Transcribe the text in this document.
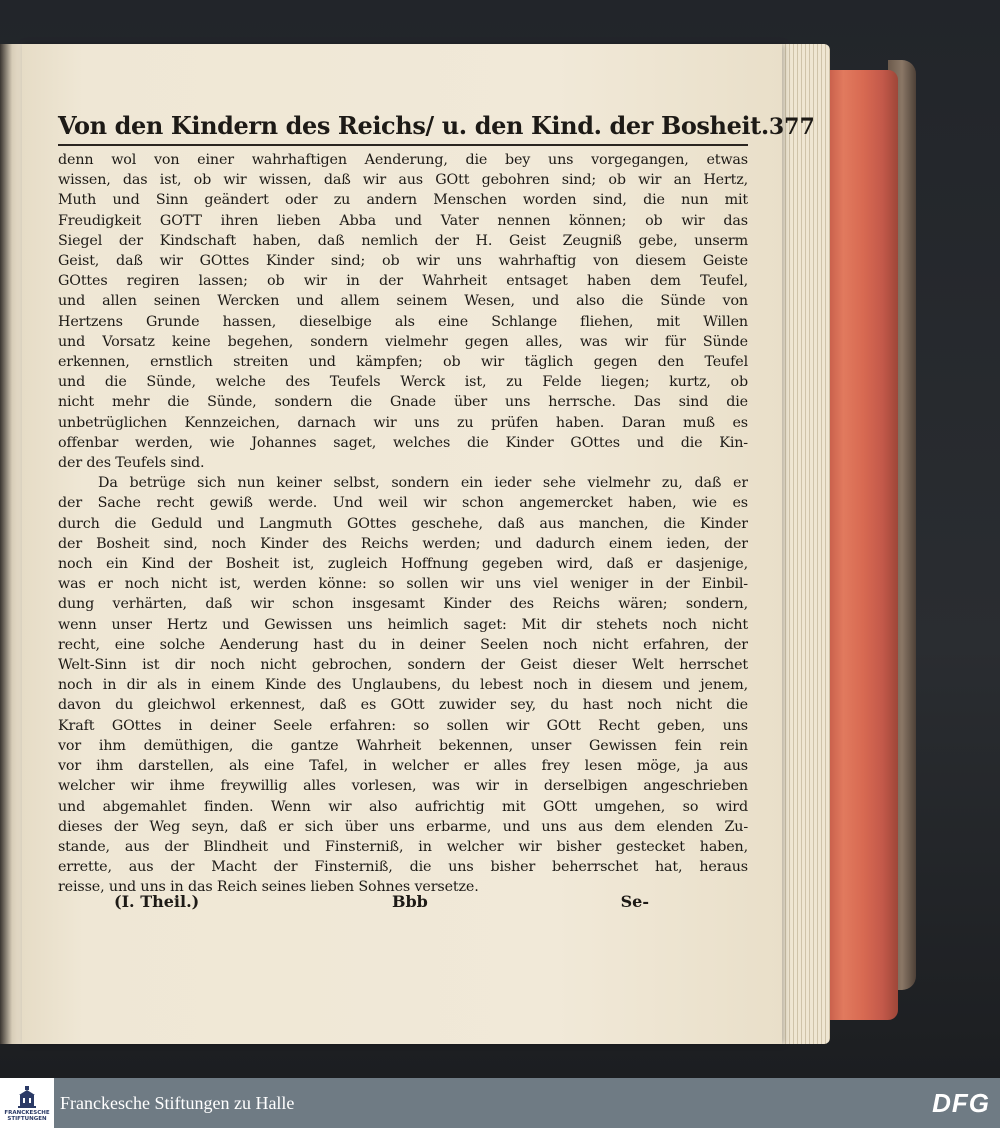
Von den Kindern des Reichs/ u. den Kind. der Bosheit. 377
denn wol von einer wahrhaftigen Aenderung, die bey uns vorgegangen, etwas
wissen, das ist, ob wir wissen, daß wir aus GOtt gebohren sind; ob wir an Hertz,
Muth und Sinn geändert oder zu andern Menschen worden sind, die nun mit
Freudigkeit GOTT ihren lieben Abba und Vater nennen können; ob wir das
Siegel der Kindschaft haben, daß nemlich der H. Geist Zeugniß gebe, unserm
Geist, daß wir GOttes Kinder sind; ob wir uns wahrhaftig von diesem Geiste
GOttes regiren lassen; ob wir in der Wahrheit entsaget haben dem Teufel,
und allen seinen Wercken und allem seinem Wesen, und also die Sünde von
Hertzens Grunde hassen, dieselbige als eine Schlange fliehen, mit Willen
und Vorsatz keine begehen, sondern vielmehr gegen alles, was wir für Sünde
erkennen, ernstlich streiten und kämpfen; ob wir täglich gegen den Teufel
und die Sünde, welche des Teufels Werck ist, zu Felde liegen; kurtz, ob
nicht mehr die Sünde, sondern die Gnade über uns herrsche. Das sind die
unbetrüglichen Kennzeichen, darnach wir uns zu prüfen haben. Daran muß es
offenbar werden, wie Johannes saget, welches die Kinder GOttes und die Kin-
der des Teufels sind.
Da betrüge sich nun keiner selbst, sondern ein ieder sehe vielmehr zu, daß er
der Sache recht gewiß werde. Und weil wir schon angemercket haben, wie es
durch die Geduld und Langmuth GOttes geschehe, daß aus manchen, die Kinder
der Bosheit sind, noch Kinder des Reichs werden; und dadurch einem ieden, der
noch ein Kind der Bosheit ist, zugleich Hoffnung gegeben wird, daß er dasjenige,
was er noch nicht ist, werden könne: so sollen wir uns viel weniger in der Einbil-
dung verhärten, daß wir schon insgesamt Kinder des Reichs wären; sondern,
wenn unser Hertz und Gewissen uns heimlich saget: Mit dir stehets noch nicht
recht, eine solche Aenderung hast du in deiner Seelen noch nicht erfahren, der
Welt-Sinn ist dir noch nicht gebrochen, sondern der Geist dieser Welt herrschet
noch in dir als in einem Kinde des Unglaubens, du lebest noch in diesem und jenem,
davon du gleichwol erkennest, daß es GOtt zuwider sey, du hast noch nicht die
Kraft GOttes in deiner Seele erfahren: so sollen wir GOtt Recht geben, uns
vor ihm demüthigen, die gantze Wahrheit bekennen, unser Gewissen fein rein
vor ihm darstellen, als eine Tafel, in welcher er alles frey lesen möge, ja aus
welcher wir ihme freywillig alles vorlesen, was wir in derselbigen angeschrieben
und abgemahlet finden. Wenn wir also aufrichtig mit GOtt umgehen, so wird
dieses der Weg seyn, daß er sich über uns erbarme, und uns aus dem elenden Zu-
stande, aus der Blindheit und Finsterniß, in welcher wir bisher gestecket haben,
errette, aus der Macht der Finsterniß, die uns bisher beherrschet hat, heraus
reisse, und uns in das Reich seines lieben Sohnes versetze.
(I. Theil.)	Bbb	Se-
FRANCKESCHE STIFTUNGEN
Franckesche Stiftungen zu Halle	DFG
